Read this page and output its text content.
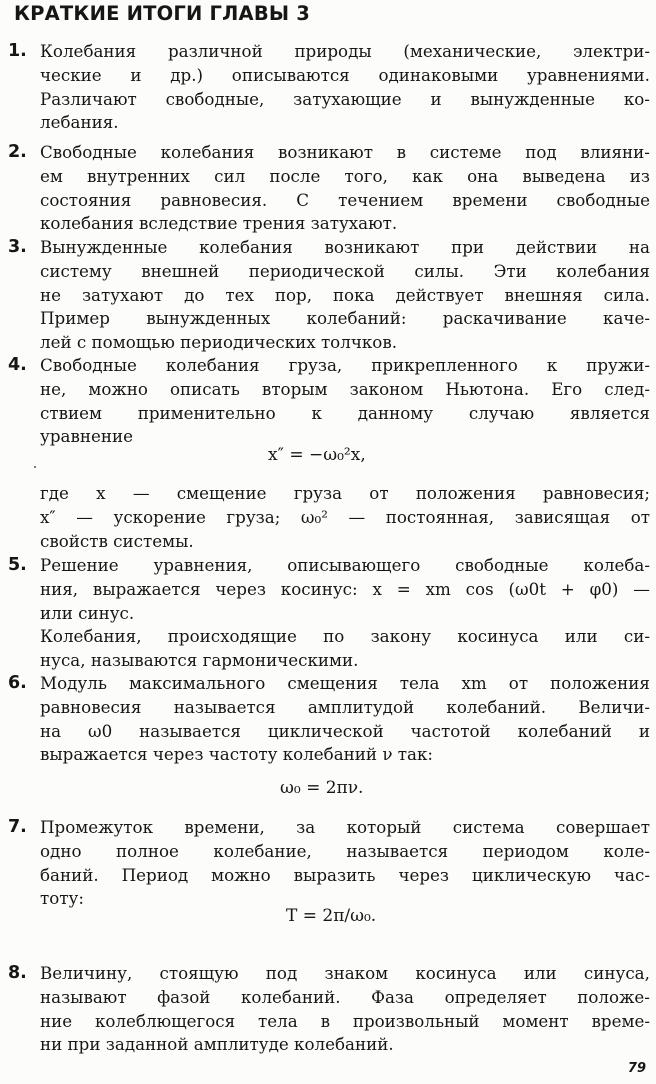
КРАТКИЕ ИТОГИ ГЛАВЫ 3
1. Колебания различной природы (механические, электри-
ческие и др.) описываются одинаковыми уравнениями.
Различают свободные, затухающие и вынужденные ко-
лебания.
2. Свободные колебания возникают в системе под влияни-
ем внутренних сил после того, как она выведена из
состояния равновесия. С течением времени свободные
колебания вследствие трения затухают.
3. Вынужденные колебания возникают при действии на
систему внешней периодической силы. Эти колебания
не затухают до тех пор, пока действует внешняя сила.
Пример вынужденных колебаний: раскачивание каче-
лей с помощью периодических толчков.
4. Свободные колебания груза, прикрепленного к пружи-
не, можно описать вторым законом Ньютона. Его след-
ствием применительно к данному случаю является
уравнение
x″ = −ω₀²x,
где x — смещение груза от положения равновесия;
x″ — ускорение груза; ω₀² — постоянная, зависящая от
свойств системы.
5. Решение уравнения, описывающего свободные колеба-
ния, выражается через косинус: x = xm cos (ω0t + φ0) —
или синус.
Колебания, происходящие по закону косинуса или си-
нуса, называются гармоническими.
6. Модуль максимального смещения тела xm от положения
равновесия называется амплитудой колебаний. Величи-
на ω0 называется циклической частотой колебаний и
выражается через частоту колебаний ν так:
ω₀ = 2πν.
7. Промежуток времени, за который система совершает
одно полное колебание, называется периодом коле-
баний. Период можно выразить через циклическую час-
тоту:
T = 2π/ω₀.
8. Величину, стоящую под знаком косинуса или синуса,
называют фазой колебаний. Фаза определяет положе-
ние колеблющегося тела в произвольный момент време-
ни при заданной амплитуде колебаний.
79
